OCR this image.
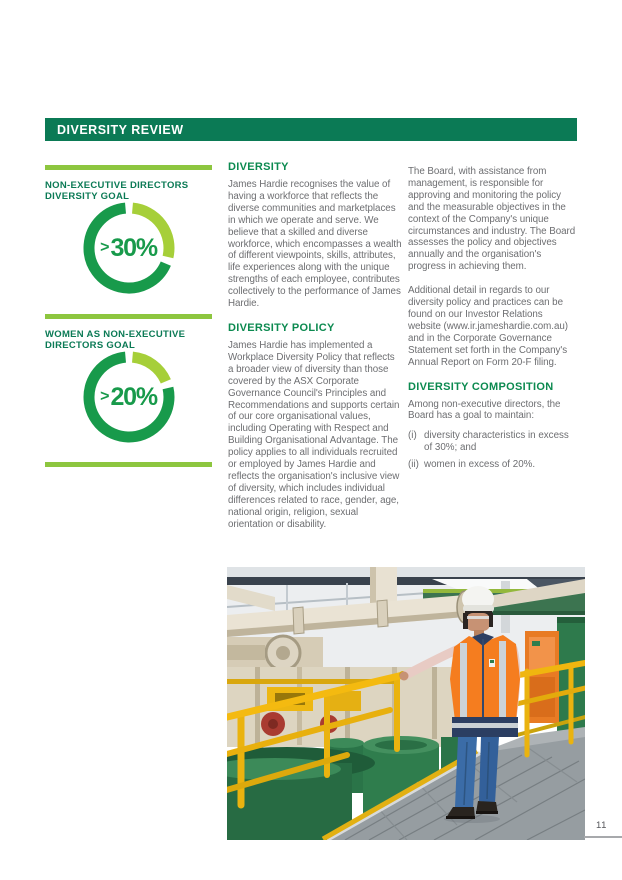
DIVERSITY REVIEW
NON-EXECUTIVE DIRECTORS
DIVERSITY GOAL
> 30%
WOMEN AS NON-EXECUTIVE
DIRECTORS GOAL
> 20%
DIVERSITY

James Hardie recognises the value of having a workforce that reflects the diverse communities and marketplaces in which we operate and serve. We believe that a skilled and diverse workforce, which encompasses a wealth of different viewpoints, skills, attributes, life experiences along with the unique strengths of each employee, contributes collectively to the performance of James Hardie.

DIVERSITY POLICY

James Hardie has implemented a Workplace Diversity Policy that reflects a broader view of diversity than those covered by the ASX Corporate Governance Council's Principles and Recommendations and supports certain of our core organisational values, including Operating with Respect and Building Organisational Advantage. The policy applies to all individuals recruited or employed by James Hardie and reflects the organisation's inclusive view of diversity, which includes individual differences related to race, gender, age, national origin, religion, sexual orientation or disability.

The Board, with assistance from management, is responsible for approving and monitoring the policy and the measurable objectives in the context of the Company's unique circumstances and industry. The Board assesses the policy and objectives annually and the organisation's progress in achieving them.

Additional detail in regards to our diversity policy and practices can be found on our Investor Relations website (www.ir.jameshardie.com.au) and in the Corporate Governance Statement set forth in the Company's Annual Report on Form 20-F filing.

DIVERSITY COMPOSITION

Among non-executive directors, the Board has a goal to maintain:

(i) diversity characteristics in excess of 30%; and
(ii) women in excess of 20%.
11
